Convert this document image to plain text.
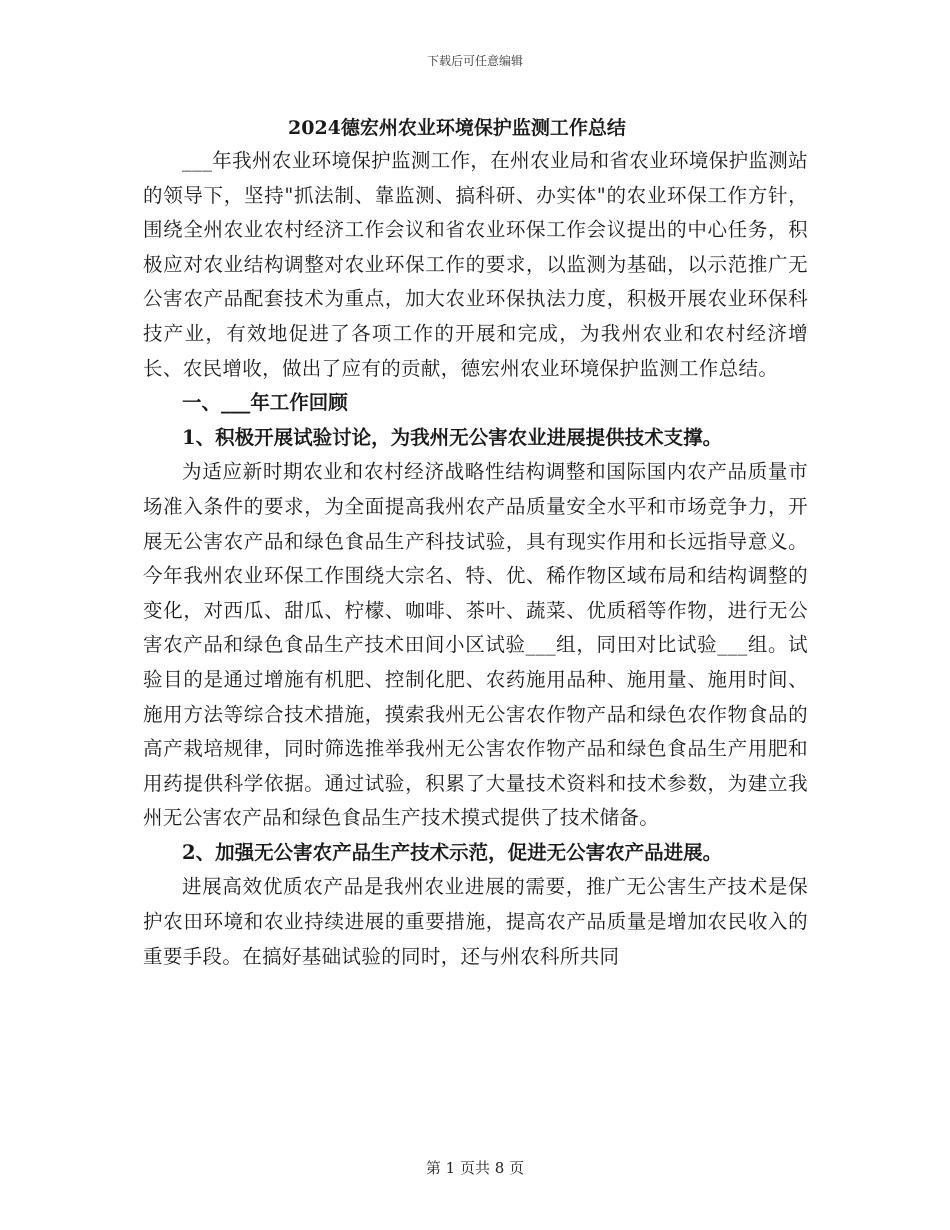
下载后可任意编辑
2024德宏州农业环境保护监测工作总结

___年我州农业环境保护监测工作，在州农业局和省农业环境保护监测站的领导下，坚持"抓法制、靠监测、搞科研、办实体"的农业环保工作方针，围绕全州农业农村经济工作会议和省农业环保工作会议提出的中心任务，积极应对农业结构调整对农业环保工作的要求，以监测为基础，以示范推广无公害农产品配套技术为重点，加大农业环保执法力度，积极开展农业环保科技产业，有效地促进了各项工作的开展和完成，为我州农业和农村经济增长、农民增收，做出了应有的贡献，德宏州农业环境保护监测工作总结。

一、___年工作回顾

1、积极开展试验讨论，为我州无公害农业进展提供技术支撑。

为适应新时期农业和农村经济战略性结构调整和国际国内农产品质量市场准入条件的要求，为全面提高我州农产品质量安全水平和市场竞争力，开展无公害农产品和绿色食品生产科技试验，具有现实作用和长远指导意义。今年我州农业环保工作围绕大宗名、特、优、稀作物区域布局和结构调整的变化，对西瓜、甜瓜、柠檬、咖啡、茶叶、蔬菜、优质稻等作物，进行无公害农产品和绿色食品生产技术田间小区试验___组，同田对比试验___组。试验目的是通过增施有机肥、控制化肥、农药施用品种、施用量、施用时间、施用方法等综合技术措施，摸索我州无公害农作物产品和绿色农作物食品的高产栽培规律，同时筛选推举我州无公害农作物产品和绿色食品生产用肥和用药提供科学依据。通过试验，积累了大量技术资料和技术参数，为建立我州无公害农产品和绿色食品生产技术摸式提供了技术储备。

2、加强无公害农产品生产技术示范，促进无公害农产品进展。

进展高效优质农产品是我州农业进展的需要，推广无公害生产技术是保护农田环境和农业持续进展的重要措施，提高农产品质量是增加农民收入的重要手段。在搞好基础试验的同时，还与州农科所共同

第 1 页共 8 页
